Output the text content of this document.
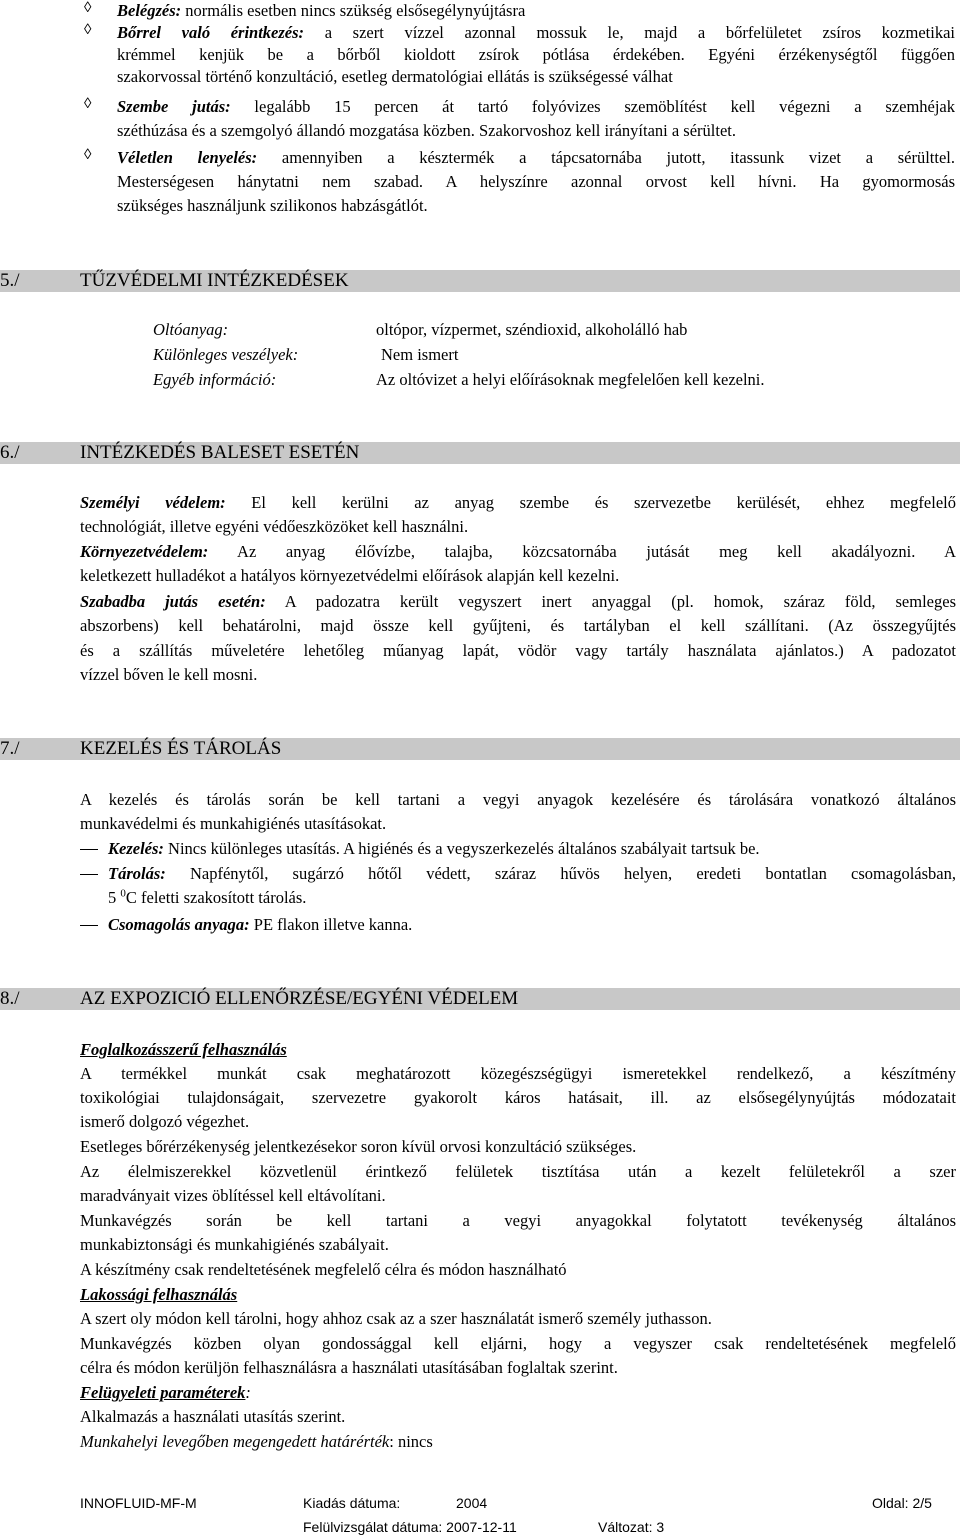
◊ Belégzés: normális esetben nincs szükség elsősegélynyújtásra
◊ Bőrrel való érintkezés: a szert vízzel azonnal mossuk le, majd a bőrfelületet zsíros kozmetikai
krémmel kenjük be a bőrből kioldott zsírok pótlása érdekében. Egyéni érzékenységtől függően
szakorvossal történő konzultáció, esetleg dermatológiai ellátás is szükségessé válhat
◊ Szembe jutás: legalább 15 percen át tartó folyóvizes szemöblítést kell végezni a szemhéjak
széthúzása és a szemgolyó állandó mozgatása közben. Szakorvoshoz kell irányítani a sérültet.
◊ Véletlen lenyelés: amennyiben a késztermék a tápcsatornába jutott, itassunk vizet a sérülttel.
Mesterségesen hánytatni nem szabad. A helyszínre azonnal orvost kell hívni. Ha gyomormosás
szükséges használjunk szilikonos habzásgátlót.
5./	TŰZVÉDELMI INTÉZKEDÉSEK
Oltóanyag:	oltópor, vízpermet, széndioxid, alkoholálló hab
Különleges veszélyek:	Nem ismert
Egyéb információ:	Az oltóvizet a helyi előírásoknak megfelelően kell kezelni.
6./	INTÉZKEDÉS BALESET ESETÉN
Személyi védelem: El kell kerülni az anyag szembe és szervezetbe kerülését, ehhez megfelelő
technológiát, illetve egyéni védőeszközöket kell használni.
Környezetvédelem: Az anyag élővízbe, talajba, közcsatornába jutását meg kell akadályozni. A
keletkezett hulladékot a hatályos környezetvédelmi előírások alapján kell kezelni.
Szabadba jutás esetén: A padozatra került vegyszert inert anyaggal (pl. homok, száraz föld, semleges
abszorbens) kell behatárolni, majd össze kell gyűjteni, és tartályban el kell szállítani. (Az összegyűjtés
és a szállítás műveletére lehetőleg műanyag lapát, vödör vagy tartály használata ajánlatos.) A padozatot
vízzel bőven le kell mosni.
7./	KEZELÉS ÉS TÁROLÁS
A kezelés és tárolás során be kell tartani a vegyi anyagok kezelésére és tárolására vonatkozó általános
munkavédelmi és munkahigiénés utasításokat.
Kezelés: Nincs különleges utasítás. A higiénés és a vegyszerkezelés általános szabályait tartsuk be.
Tárolás: Napfénytől, sugárzó hőtől védett, száraz hűvös helyen, eredeti bontatlan csomagolásban,
5 $^0$C feletti szakosított tárolás.
Csomagolás anyaga: PE flakon illetve kanna.
8./	AZ EXPOZICIÓ ELLENŐRZÉSE/EGYÉNI VÉDELEM
Foglalkozásszerű felhasználás
A termékkel munkát csak meghatározott közegészségügyi ismeretekkel rendelkező, a készítmény
toxikológiai tulajdonságait, szervezetre gyakorolt káros hatásait, ill. az elsősegélynyújtás módozatait
ismerő dolgozó végezhet.
Esetleges bőrérzékenység jelentkezésekor soron kívül orvosi konzultáció szükséges.
Az élelmiszerekkel közvetlenül érintkező felületek tisztítása után a kezelt felületekről a szer
maradványait vizes öblítéssel kell eltávolítani.
Munkavégzés során be kell tartani a vegyi anyagokkal folytatott tevékenység általános
munkabiztonsági és munkahigiénés szabályait.
A készítmény csak rendeltetésének megfelelő célra és módon használható
Lakossági felhasználás
A szert oly módon kell tárolni, hogy ahhoz csak az a szer használatát ismerő személy juthasson.
Munkavégzés közben olyan gondossággal kell eljárni, hogy a vegyszer csak rendeltetésének megfelelő
célra és módon kerüljön felhasználásra a használati utasításában foglaltak szerint.
Felügyeleti paraméterek:
Alkalmazás a használati utasítás szerint.
Munkahelyi levegőben megengedett határérték: nincs
INNOFLUID-MF-M	Kiadás dátuma:	2004	Oldal: 2/5
Felülvizsgálat dátuma: 2007-12-11	Változat: 3
